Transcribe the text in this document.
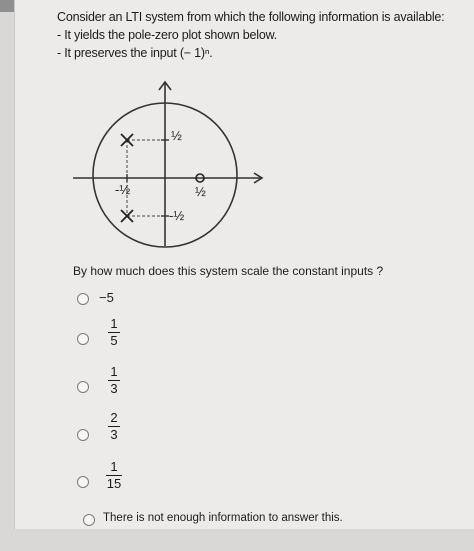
Consider an LTI system from which the following information is available:
- It yields the pole-zero plot shown below.
- It preserves the input (− 1)ⁿ.
½
½
-½
-½
By how much does this system scale the constant inputs ?
−5
1
5
1
3
2
3
1
15
There is not enough information to answer this.
